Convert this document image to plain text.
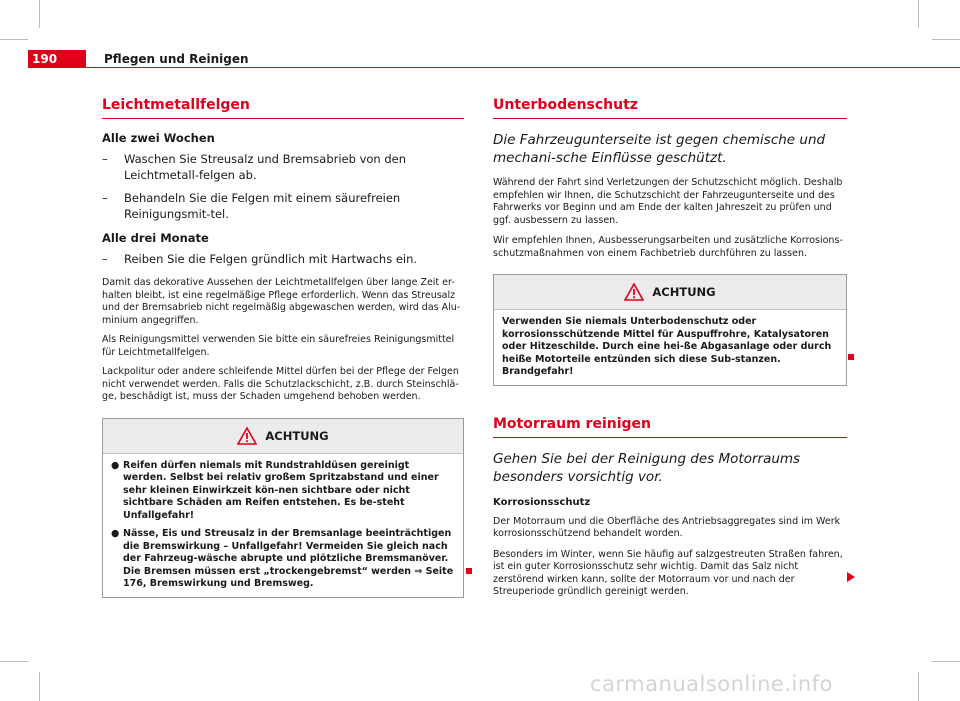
190	Pflegen und Reinigen
Leichtmetallfelgen
Alle zwei Wochen
–	Waschen Sie Streusalz und Bremsabrieb von den Leichtmetall-felgen ab.
–	Behandeln Sie die Felgen mit einem säurefreien Reinigungsmit-tel.
Alle drei Monate
–	Reiben Sie die Felgen gründlich mit Hartwachs ein.
Damit das dekorative Aussehen der Leichtmetallfelgen über lange Zeit er-halten bleibt, ist eine regelmäßige Pflege erforderlich. Wenn das Streusalz und der Bremsabrieb nicht regelmäßig abgewaschen werden, wird das Alu-minium angegriffen.
Als Reinigungsmittel verwenden Sie bitte ein säurefreies Reinigungsmittel für Leichtmetallfelgen.
Lackpolitur oder andere schleifende Mittel dürfen bei der Pflege der Felgen nicht verwendet werden. Falls die Schutzlackschicht, z.B. durch Steinschlä-ge, beschädigt ist, muss der Schaden umgehend behoben werden.
ACHTUNG
● Reifen dürfen niemals mit Rundstrahldüsen gereinigt werden. Selbst bei relativ großem Spritzabstand und einer sehr kleinen Einwirkzeit kön-nen sichtbare oder nicht sichtbare Schäden am Reifen entstehen. Es be-steht Unfallgefahr!
● Nässe, Eis und Streusalz in der Bremsanlage beeinträchtigen die Bremswirkung – Unfallgefahr! Vermeiden Sie gleich nach der Fahrzeug-wäsche abrupte und plötzliche Bremsmanöver. Die Bremsen müssen erst „trockengebremst“ werden ⇒ Seite 176, Bremswirkung und Bremsweg.
Unterbodenschutz
Die Fahrzeugunterseite ist gegen chemische und mechani-sche Einflüsse geschützt.
Während der Fahrt sind Verletzungen der Schutzschicht möglich. Deshalb empfehlen wir Ihnen, die Schutzschicht der Fahrzeugunterseite und des Fahrwerks vor Beginn und am Ende der kalten Jahreszeit zu prüfen und ggf. ausbessern zu lassen.
Wir empfehlen Ihnen, Ausbesserungsarbeiten und zusätzliche Korrosions-schutzmaßnahmen von einem Fachbetrieb durchführen zu lassen.
ACHTUNG
Verwenden Sie niemals Unterbodenschutz oder korrosionsschützende Mittel für Auspuffrohre, Katalysatoren oder Hitzeschilde. Durch eine hei-ße Abgasanlage oder durch heiße Motorteile entzünden sich diese Sub-stanzen. Brandgefahr!
Motorraum reinigen
Gehen Sie bei der Reinigung des Motorraums besonders vorsichtig vor.
Korrosionsschutz
Der Motorraum und die Oberfläche des Antriebsaggregates sind im Werk korrosionsschützend behandelt worden.
Besonders im Winter, wenn Sie häufig auf salzgestreuten Straßen fahren, ist ein guter Korrosionsschutz sehr wichtig. Damit das Salz nicht zerstörend wirken kann, sollte der Motorraum vor und nach der Streuperiode gründlich gereinigt werden.
carmanualsonline.info
